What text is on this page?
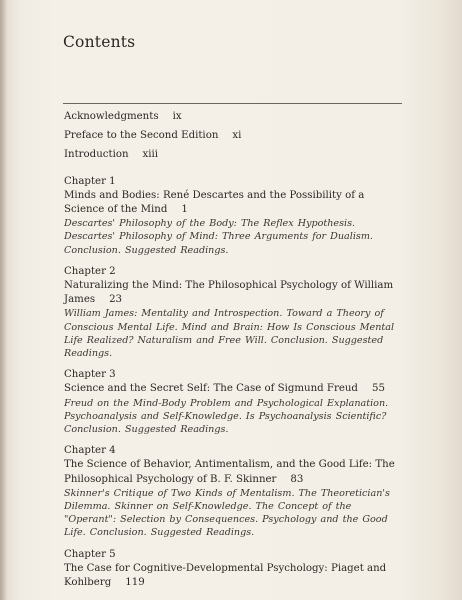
Contents
Acknowledgments ix
Preface to the Second Edition xi
Introduction xiii
Chapter 1
Minds and Bodies: René Descartes and the Possibility of a Science of the Mind 1
Descartes' Philosophy of the Body: The Reflex Hypothesis. Descartes' Philosophy of Mind: Three Arguments for Dualism. Conclusion. Suggested Readings.
Chapter 2
Naturalizing the Mind: The Philosophical Psychology of William James 23
William James: Mentality and Introspection. Toward a Theory of Conscious Mental Life. Mind and Brain: How Is Conscious Mental Life Realized? Naturalism and Free Will. Conclusion. Suggested Readings.
Chapter 3
Science and the Secret Self: The Case of Sigmund Freud 55
Freud on the Mind-Body Problem and Psychological Explanation. Psychoanalysis and Self-Knowledge. Is Psychoanalysis Scientific? Conclusion. Suggested Readings.
Chapter 4
The Science of Behavior, Antimentalism, and the Good Life: The Philosophical Psychology of B. F. Skinner 83
Skinner's Critique of Two Kinds of Mentalism. The Theoretician's Dilemma. Skinner on Self-Knowledge. The Concept of the "Operant": Selection by Consequences. Psychology and the Good Life. Conclusion. Suggested Readings.
Chapter 5
The Case for Cognitive-Developmental Psychology: Piaget and Kohlberg 119
